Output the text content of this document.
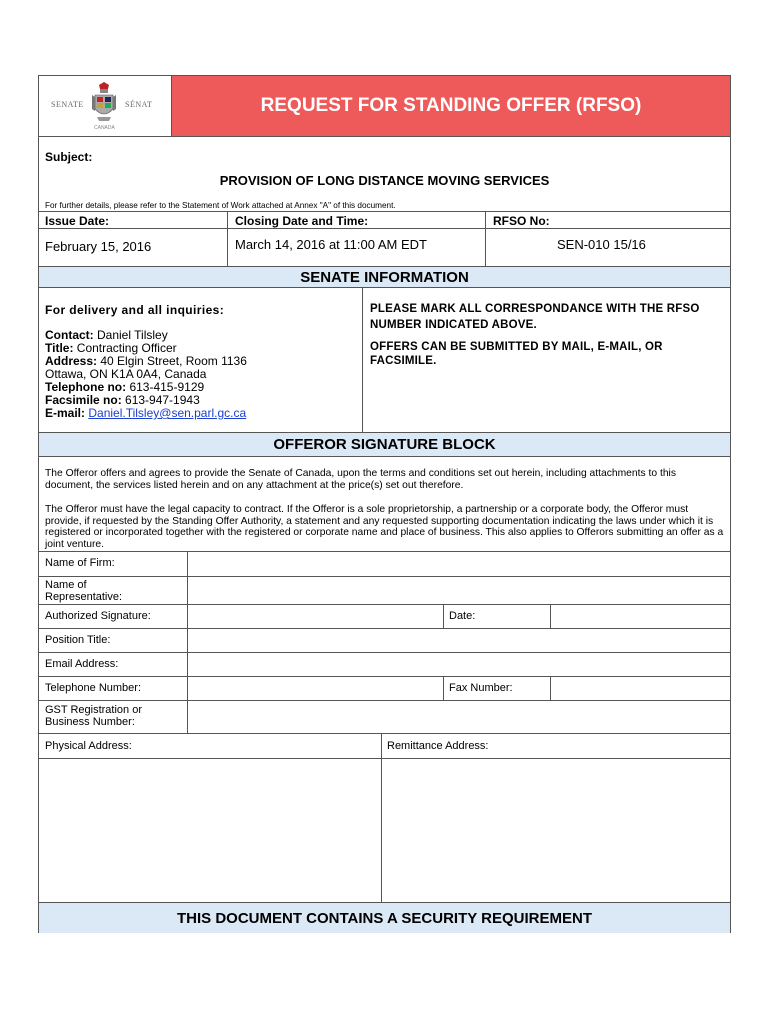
SENATE	SÉNAT
CANADA
REQUEST FOR STANDING OFFER (RFSO)
Subject:
PROVISION OF LONG DISTANCE MOVING SERVICES
For further details, please refer to the Statement of Work attached at Annex "A" of this document.
Issue Date:	Closing Date and Time:	RFSO No:
February 15, 2016	March 14, 2016 at 11:00 AM EDT	SEN-010 15/16
SENATE INFORMATION
For delivery and all inquiries:
Contact: Daniel Tilsley
Title: Contracting Officer
Address: 40 Elgin Street, Room 1136
Ottawa, ON K1A 0A4, Canada
Telephone no: 613-415-9129
Facsimile no: 613-947-1943
E-mail: Daniel.Tilsley@sen.parl.gc.ca
PLEASE MARK ALL CORRESPONDANCE WITH THE RFSO NUMBER INDICATED ABOVE.
OFFERS CAN BE SUBMITTED BY MAIL, E-MAIL, OR FACSIMILE.
OFFEROR SIGNATURE BLOCK
The Offeror offers and agrees to provide the Senate of Canada, upon the terms and conditions set out herein, including attachments to this document, the services listed herein and on any attachment at the price(s) set out therefore.
The Offeror must have the legal capacity to contract. If the Offeror is a sole proprietorship, a partnership or a corporate body, the Offeror must provide, if requested by the Standing Offer Authority, a statement and any requested supporting documentation indicating the laws under which it is registered or incorporated together with the registered or corporate name and place of business. This also applies to Offerors submitting an offer as a joint venture.
Name of Firm:
Name of Representative:
Authorized Signature:	Date:
Position Title:
Email Address:
Telephone Number:	Fax Number:
GST Registration or Business Number:
Physical Address:	Remittance Address:
THIS DOCUMENT CONTAINS A SECURITY REQUIREMENT
